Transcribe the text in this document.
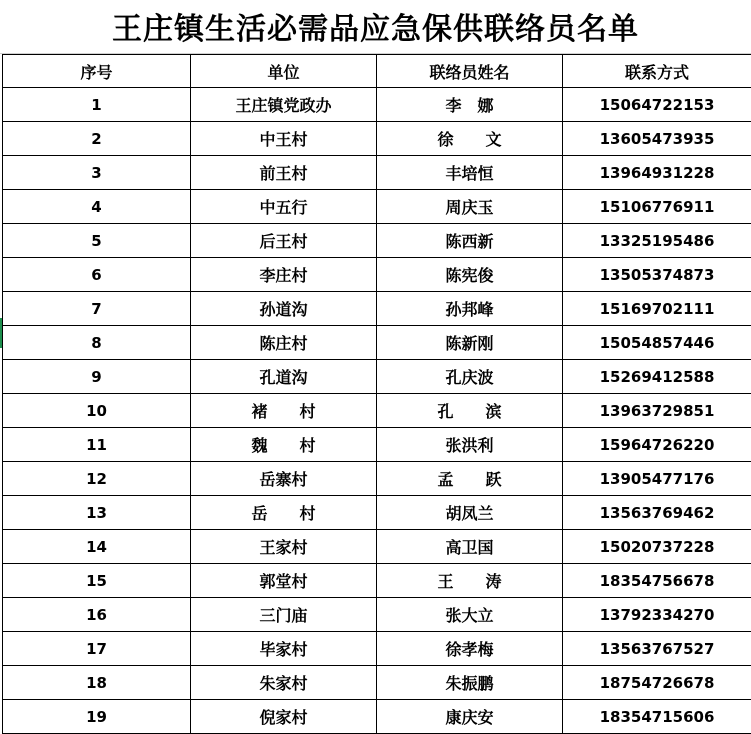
王庄镇生活必需品应急保供联络员名单
序号	单位	联络员姓名	联系方式
1	王庄镇党政办	李　娜	15064722153
2	中王村	徐　　文	13605473935
3	前王村	丰培恒	13964931228
4	中五行	周庆玉	15106776911
5	后王村	陈西新	13325195486
6	李庄村	陈宪俊	13505374873
7	孙道沟	孙邦峰	15169702111
8	陈庄村	陈新刚	15054857446
9	孔道沟	孔庆波	15269412588
10	褚　　村	孔　　滨	13963729851
11	魏　　村	张洪利	15964726220
12	岳寨村	孟　　跃	13905477176
13	岳　　村	胡凤兰	13563769462
14	王家村	高卫国	15020737228
15	郭堂村	王　　涛	18354756678
16	三门庙	张大立	13792334270
17	毕家村	徐孝梅	13563767527
18	朱家村	朱振鹏	18754726678
19	倪家村	康庆安	18354715606
